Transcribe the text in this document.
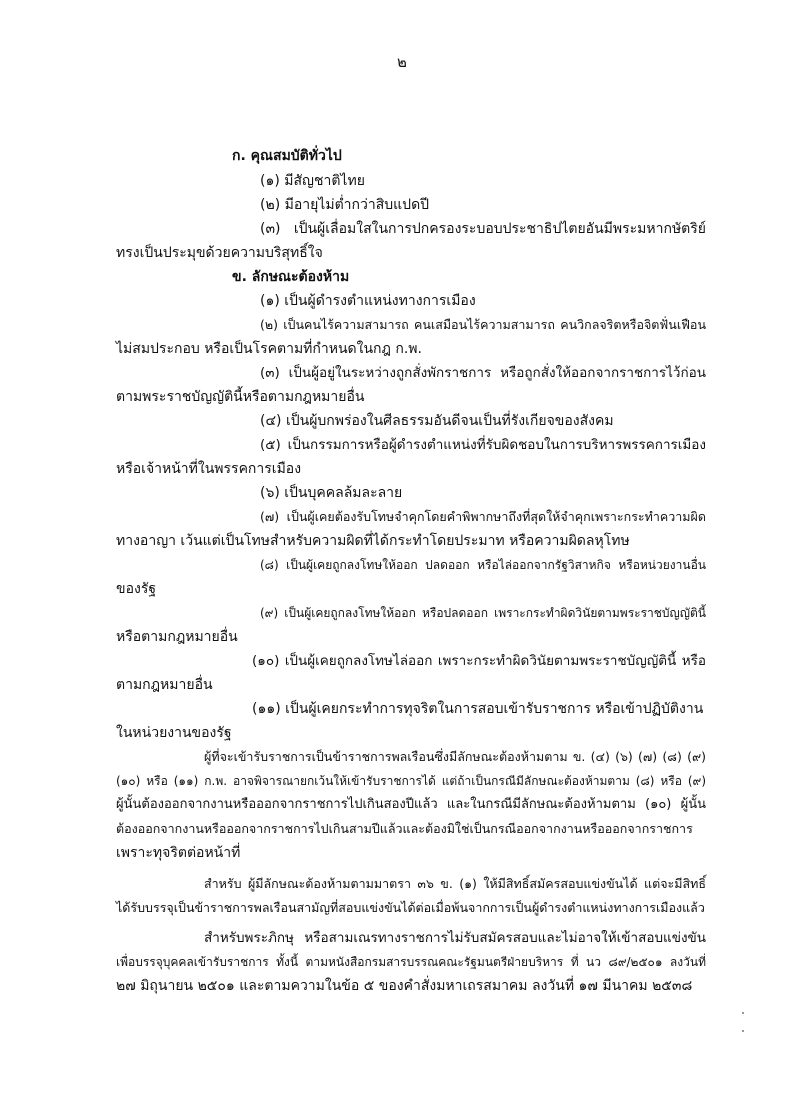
๒
ก. คุณสมบัติทั่วไป
(๑) มีสัญชาติไทย
(๒) มีอายุไม่ต่ำกว่าสิบแปดปี
(๓) เป็นผู้เลื่อมใสในการปกครองระบอบประชาธิปไตยอันมีพระมหากษัตริย์
ทรงเป็นประมุขด้วยความบริสุทธิ์ใจ
ข. ลักษณะต้องห้าม
(๑) เป็นผู้ดำรงตำแหน่งทางการเมือง
(๒) เป็นคนไร้ความสามารถ คนเสมือนไร้ความสามารถ คนวิกลจริตหรือจิตฟั่นเฟือน
ไม่สมประกอบ หรือเป็นโรคตามที่กำหนดในกฎ ก.พ.
(๓) เป็นผู้อยู่ในระหว่างถูกสั่งพักราชการ หรือถูกสั่งให้ออกจากราชการไว้ก่อน
ตามพระราชบัญญัตินี้หรือตามกฎหมายอื่น
(๔) เป็นผู้บกพร่องในศีลธรรมอันดีจนเป็นที่รังเกียจของสังคม
(๕) เป็นกรรมการหรือผู้ดำรงตำแหน่งที่รับผิดชอบในการบริหารพรรคการเมือง
หรือเจ้าหน้าที่ในพรรคการเมือง
(๖) เป็นบุคคลล้มละลาย
(๗) เป็นผู้เคยต้องรับโทษจำคุกโดยคำพิพากษาถึงที่สุดให้จำคุกเพราะกระทำความผิด
ทางอาญา เว้นแต่เป็นโทษสำหรับความผิดที่ได้กระทำโดยประมาท หรือความผิดลหุโทษ
(๘) เป็นผู้เคยถูกลงโทษให้ออก ปลดออก หรือไล่ออกจากรัฐวิสาหกิจ หรือหน่วยงานอื่น
ของรัฐ
(๙) เป็นผู้เคยถูกลงโทษให้ออก หรือปลดออก เพราะกระทำผิดวินัยตามพระราชบัญญัตินี้
หรือตามกฎหมายอื่น
(๑๐) เป็นผู้เคยถูกลงโทษไล่ออก เพราะกระทำผิดวินัยตามพระราชบัญญัตินี้ หรือ
ตามกฎหมายอื่น
(๑๑) เป็นผู้เคยกระทำการทุจริตในการสอบเข้ารับราชการ หรือเข้าปฏิบัติงาน
ในหน่วยงานของรัฐ
ผู้ที่จะเข้ารับราชการเป็นข้าราชการพลเรือนซึ่งมีลักษณะต้องห้ามตาม ข. (๔) (๖) (๗) (๘) (๙)
(๑๐) หรือ (๑๑) ก.พ. อาจพิจารณายกเว้นให้เข้ารับราชการได้ แต่ถ้าเป็นกรณีมีลักษณะต้องห้ามตาม (๘) หรือ (๙)
ผู้นั้นต้องออกจากงานหรือออกจากราชการไปเกินสองปีแล้ว และในกรณีมีลักษณะต้องห้ามตาม (๑๐) ผู้นั้น
ต้องออกจากงานหรือออกจากราชการไปเกินสามปีแล้วและต้องมิใช่เป็นกรณีออกจากงานหรือออกจากราชการ
เพราะทุจริตต่อหน้าที่
สำหรับ ผู้มีลักษณะต้องห้ามตามมาตรา ๓๖ ข. (๑) ให้มีสิทธิ์สมัครสอบแข่งขันได้ แต่จะมีสิทธิ์
ได้รับบรรจุเป็นข้าราชการพลเรือนสามัญที่สอบแข่งขันได้ต่อเมื่อพ้นจากการเป็นผู้ดำรงตำแหน่งทางการเมืองแล้ว
สำหรับพระภิกษุ หรือสามเณรทางราชการไม่รับสมัครสอบและไม่อาจให้เข้าสอบแข่งขัน
เพื่อบรรจุบุคคลเข้ารับราชการ ทั้งนี้ ตามหนังสือกรมสารบรรณคณะรัฐมนตรีฝ่ายบริหาร ที่ นว ๘๙/๒๕๐๑ ลงวันที่
๒๗ มิถุนายน ๒๕๐๑ และตามความในข้อ ๕ ของคำสั่งมหาเถรสมาคม ลงวันที่ ๑๗ มีนาคม ๒๕๓๘
